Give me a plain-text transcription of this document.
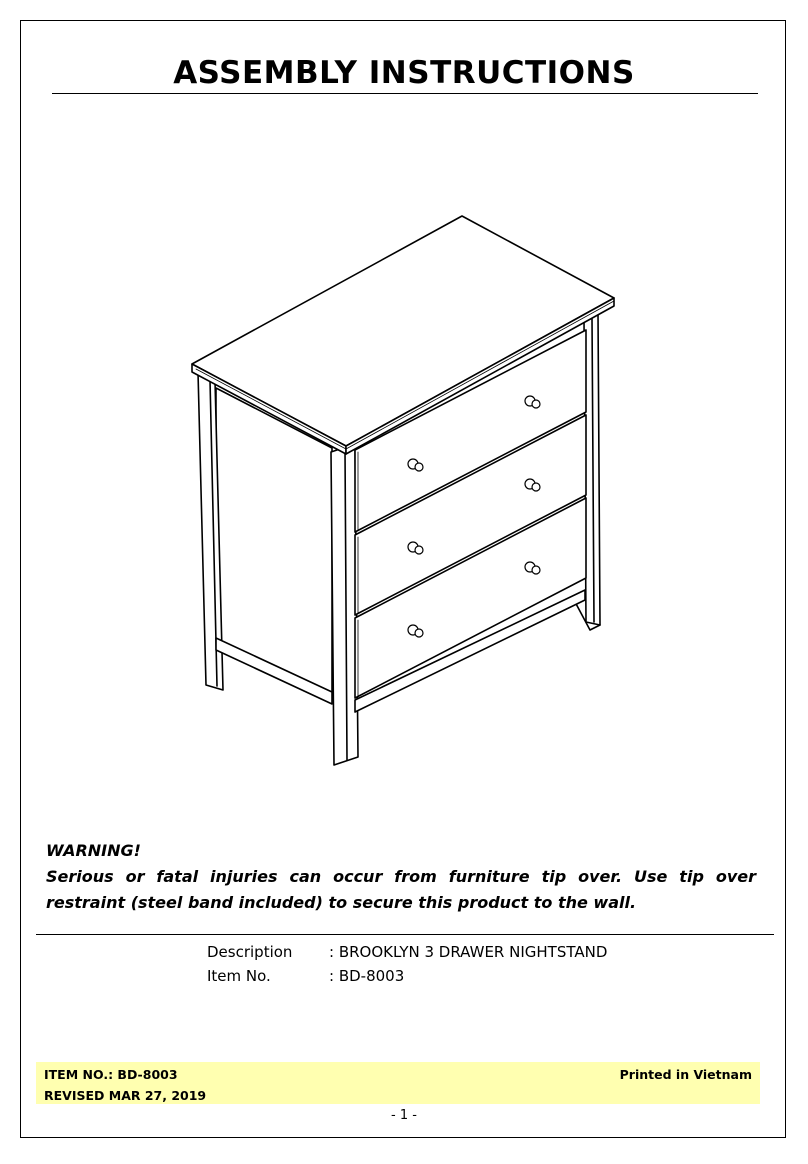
ASSEMBLY INSTRUCTIONS
WARNING!
Serious or fatal injuries can occur from furniture tip over. Use tip over restraint (steel band included) to secure this product to the wall.
Description	: BROOKLYN 3 DRAWER NIGHTSTAND
Item No.	: BD-8003
ITEM NO.: BD-8003
REVISED MAR 27, 2019
Printed in Vietnam
- 1 -
